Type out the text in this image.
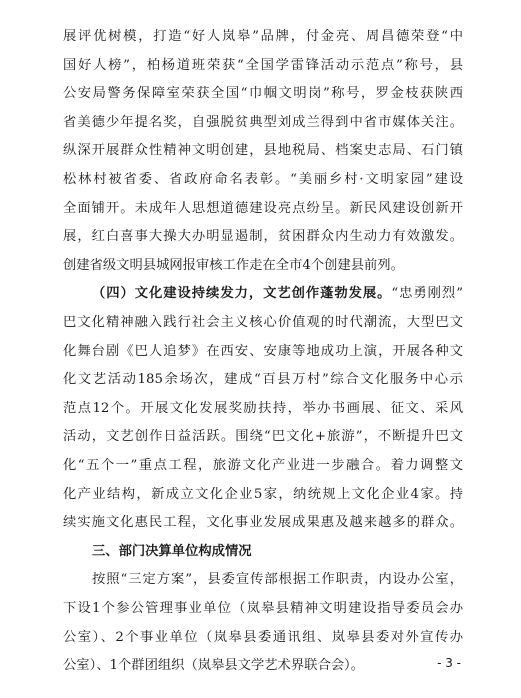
展评优树模，打造“好人岚皋”品牌，付金亮、周昌德荣登“中
国好人榜”，柏杨道班荣获“全国学雷锋活动示范点”称号，县
公安局警务保障室荣获全国“巾帼文明岗”称号，罗金枝获陕西
省美德少年提名奖，自强脱贫典型刘成兰得到中省市媒体关注。
纵深开展群众性精神文明创建，县地税局、档案史志局、石门镇
松林村被省委、省政府命名表彰。“美丽乡村·文明家园”建设
全面铺开。未成年人思想道德建设亮点纷呈。新民风建设创新开
展，红白喜事大操大办明显遏制，贫困群众内生动力有效激发。
创建省级文明县城网报审核工作走在全市4个创建县前列。
（四）文化建设持续发力，文艺创作蓬勃发展。“忠勇刚烈”
巴文化精神融入践行社会主义核心价值观的时代潮流，大型巴文
化舞台剧《巴人追梦》在西安、安康等地成功上演，开展各种文
化文艺活动185余场次，建成“百县万村”综合文化服务中心示
范点12个。开展文化发展奖励扶持，举办书画展、征文、采风
活动，文艺创作日益活跃。围绕“巴文化+旅游”，不断提升巴文
化“五个一”重点工程，旅游文化产业进一步融合。着力调整文
化产业结构，新成立文化企业5家，纳统规上文化企业4家。持
续实施文化惠民工程，文化事业发展成果惠及越来越多的群众。
三、部门决算单位构成情况
按照“三定方案”，县委宣传部根据工作职责，内设办公室，
下设1个参公管理事业单位（岚皋县精神文明建设指导委员会办
公室）、2个事业单位（岚皋县委通讯组、岚皋县委对外宣传办
公室）、1个群团组织（岚皋县文学艺术界联合会）。	- 3 -
